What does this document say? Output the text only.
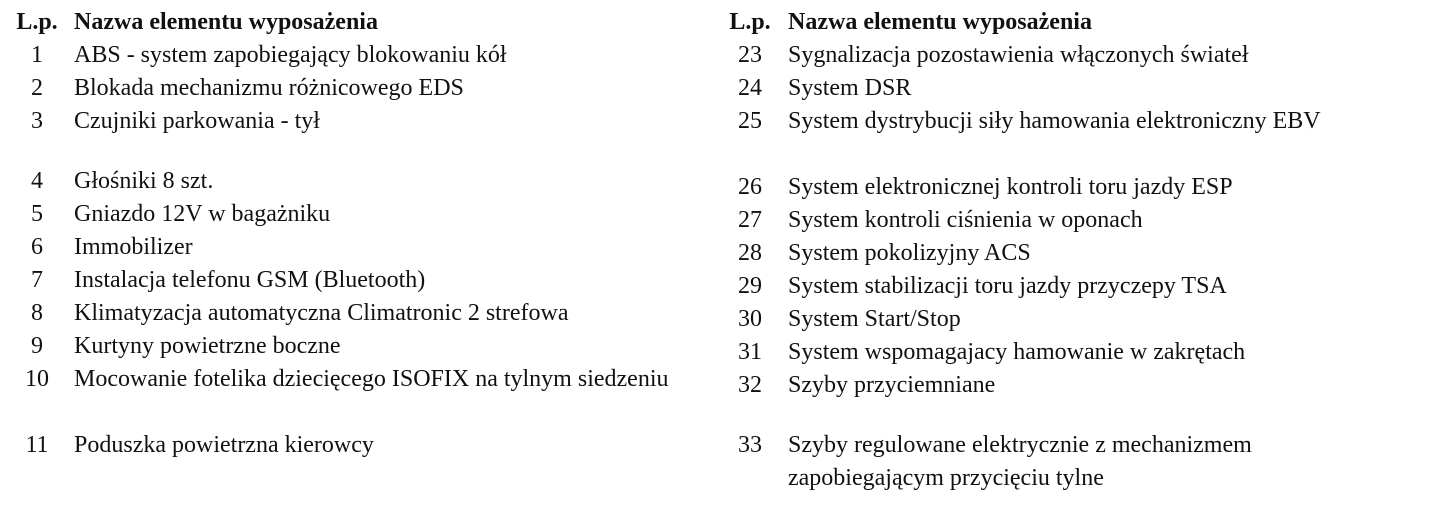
L.p. Nazwa elementu wyposażenia
1	ABS - system zapobiegający blokowaniu kół
2	Blokada mechanizmu różnicowego EDS
3	Czujniki parkowania - tył
4	Głośniki 8 szt.
5	Gniazdo 12V w bagażniku
6	Immobilizer
7	Instalacja telefonu GSM (Bluetooth)
8	Klimatyzacja automatyczna Climatronic 2 strefowa
9	Kurtyny powietrzne boczne
10	Mocowanie fotelika dziecięcego ISOFIX na tylnym siedzeniu
11	Poduszka powietrzna kierowcy
L.p. Nazwa elementu wyposażenia
23	Sygnalizacja pozostawienia włączonych świateł
24	System DSR
25	System dystrybucji siły hamowania elektroniczny EBV
26	System elektronicznej kontroli toru jazdy ESP
27	System kontroli ciśnienia w oponach
28	System pokolizyjny ACS
29	System stabilizacji toru jazdy przyczepy TSA
30	System Start/Stop
31	System wspomagajacy hamowanie w zakrętach
32	Szyby przyciemniane
33	Szyby regulowane elektrycznie z mechanizmem zapobiegającym przycięciu tylne
